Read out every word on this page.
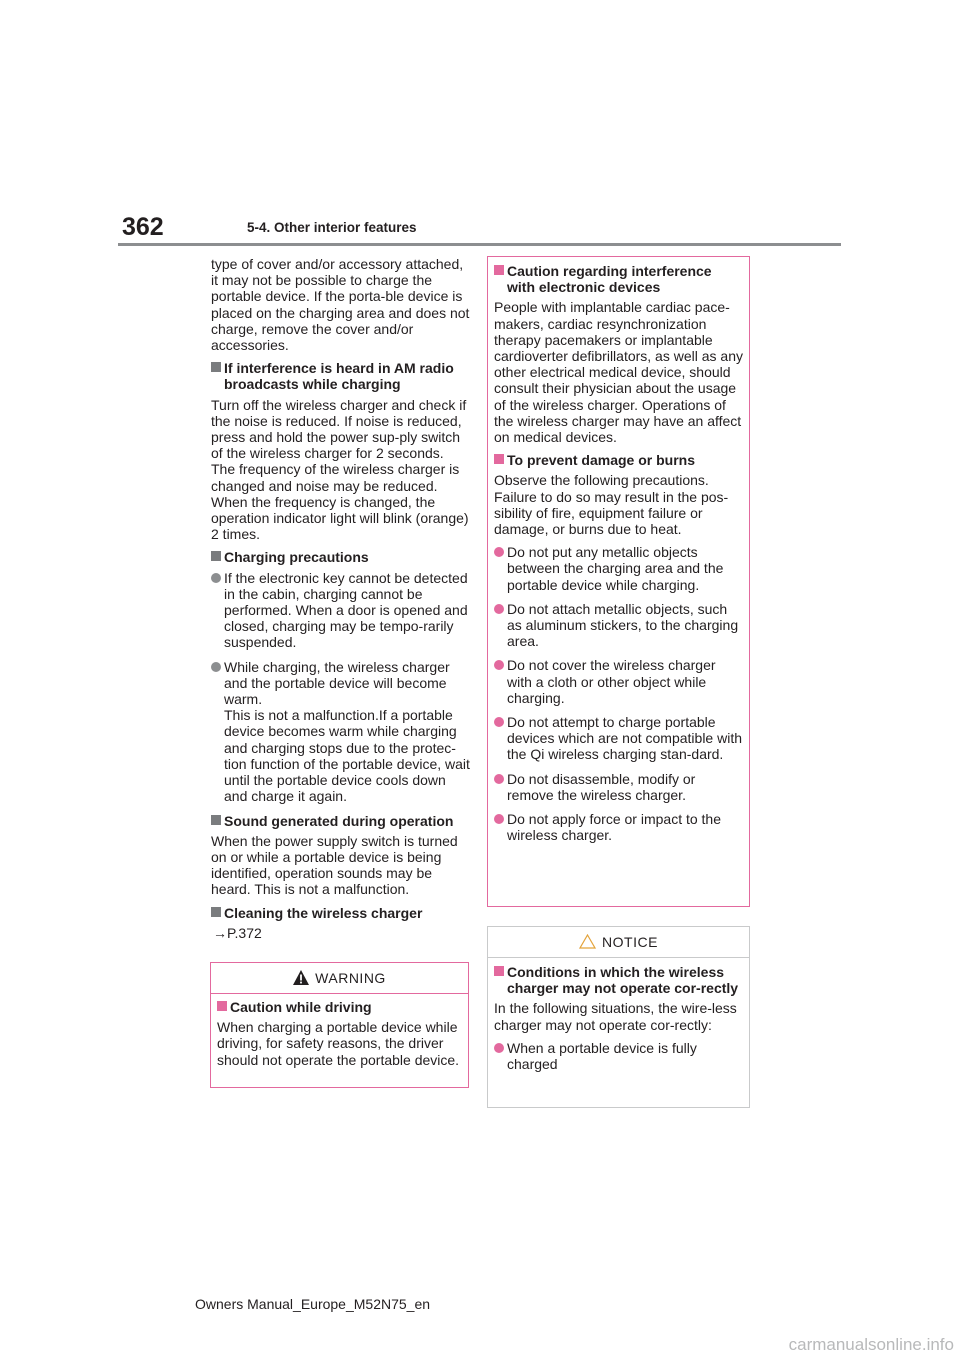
362	5-4. Other interior features

type of cover and/or accessory attached, it may not be possible to charge the portable device. If the porta-ble device is placed on the charging area and does not charge, remove the cover and/or accessories.

If interference is heard in AM radio broadcasts while charging

Turn off the wireless charger and check if the noise is reduced. If noise is reduced, press and hold the power sup-ply switch of the wireless charger for 2 seconds. The frequency of the wireless charger is changed and noise may be reduced. When the frequency is changed, the operation indicator light will blink (orange) 2 times.

Charging precautions
If the electronic key cannot be detected in the cabin, charging cannot be performed. When a door is opened and closed, charging may be tempo-rarily suspended.

While charging, the wireless charger and the portable device will become warm.

This is not a malfunction.If a portable device becomes warm while charging and charging stops due to the protec-tion function of the portable device, wait until the portable device cools down and charge it again.

Sound generated during operation

When the power supply switch is turned on or while a portable device is being identified, operation sounds may be heard. This is not a malfunction.

Cleaning the wireless charger

→P.372

WARNING
Caution while driving

When charging a portable device while driving, for safety reasons, the driver should not operate the portable device.

Caution regarding interference with electronic devices

People with implantable cardiac pace-makers, cardiac resynchronization therapy pacemakers or implantable cardioverter defibrillators, as well as any other electrical medical device, should consult their physician about the usage of the wireless charger. Operations of the wireless charger may have an affect on medical devices.

To prevent damage or burns

Observe the following precautions. Failure to do so may result in the pos-sibility of fire, equipment failure or damage, or burns due to heat.

Do not put any metallic objects between the charging area and the portable device while charging.
Do not attach metallic objects, such as aluminum stickers, to the charging area.
Do not cover the wireless charger with a cloth or other object while charging.
Do not attempt to charge portable devices which are not compatible with the Qi wireless charging stan-dard.
Do not disassemble, modify or remove the wireless charger.
Do not apply force or impact to the wireless charger.
NOTICE
Conditions in which the wireless charger may not operate cor-rectly

In the following situations, the wire-less charger may not operate cor-rectly:

When a portable device is fully charged
Owners Manual_Europe_M52N75_en
carmanualsonline.info
